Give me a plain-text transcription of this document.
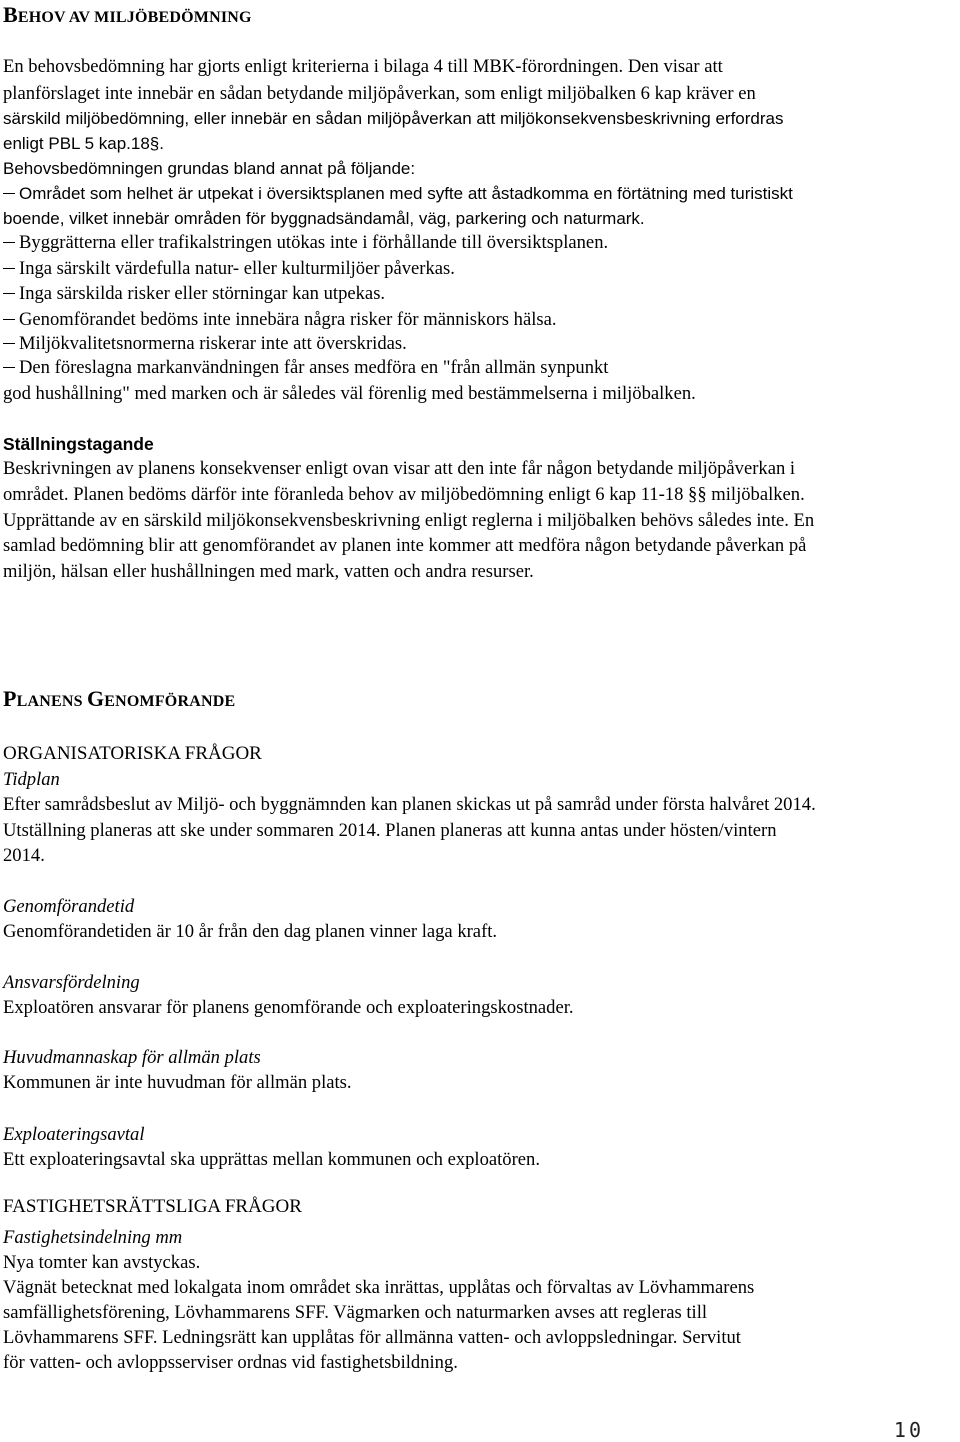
BEHOV AV MILJÖBEDÖMNING
En behovsbedömning har gjorts enligt kriterierna i bilaga 4 till MBK-förordningen. Den visar att
planförslaget inte innebär en sådan betydande miljöpåverkan, som enligt miljöbalken 6 kap kräver en
särskild miljöbedömning, eller innebär en sådan miljöpåverkan att miljökonsekvensbeskrivning erfordras
enligt PBL 5 kap.18§.
Behovsbedömningen grundas bland annat på följande:
Området som helhet är utpekat i översiktsplanen med syfte att åstadkomma en förtätning med turistiskt
boende, vilket innebär områden för byggnadsändamål, väg, parkering och naturmark.
Byggrätterna eller trafikalstringen utökas inte i förhållande till översiktsplanen.
Inga särskilt värdefulla natur- eller kulturmiljöer påverkas.
Inga särskilda risker eller störningar kan utpekas.
Genomförandet bedöms inte innebära några risker för människors hälsa.
Miljökvalitetsnormerna riskerar inte att överskridas.
Den föreslagna markanvändningen får anses medföra en "från allmän synpunkt
god hushållning" med marken och är således väl förenlig med bestämmelserna i miljöbalken.
Ställningstagande
Beskrivningen av planens konsekvenser enligt ovan visar att den inte får någon betydande miljöpåverkan i
området. Planen bedöms därför inte föranleda behov av miljöbedömning enligt 6 kap 11-18 §§ miljöbalken.
Upprättande av en särskild miljökonsekvensbeskrivning enligt reglerna i miljöbalken behövs således inte. En
samlad bedömning blir att genomförandet av planen inte kommer att medföra någon betydande påverkan på
miljön, hälsan eller hushållningen med mark, vatten och andra resurser.
PLANENS GENOMFÖRANDE
ORGANISATORISKA FRÅGOR
Tidplan
Efter samrådsbeslut av Miljö- och byggnämnden kan planen skickas ut på samråd under första halvåret 2014.
Utställning planeras att ske under sommaren 2014. Planen planeras att kunna antas under hösten/vintern
2014.
Genomförandetid
Genomförandetiden är 10 år från den dag planen vinner laga kraft.
Ansvarsfördelning
Exploatören ansvarar för planens genomförande och exploateringskostnader.
Huvudmannaskap för allmän plats
Kommunen är inte huvudman för allmän plats.
Exploateringsavtal
Ett exploateringsavtal ska upprättas mellan kommunen och exploatören.
FASTIGHETSRÄTTSLIGA FRÅGOR
Fastighetsindelning mm
Nya tomter kan avstyckas.
Vägnät betecknat med lokalgata inom området ska inrättas, upplåtas och förvaltas av Lövhammarens
samfällighetsförening, Lövhammarens SFF. Vägmarken och naturmarken avses att regleras till
Lövhammarens SFF. Ledningsrätt kan upplåtas för allmänna vatten- och avloppsledningar. Servitut
för vatten- och avloppsserviser ordnas vid fastighetsbildning.
10
